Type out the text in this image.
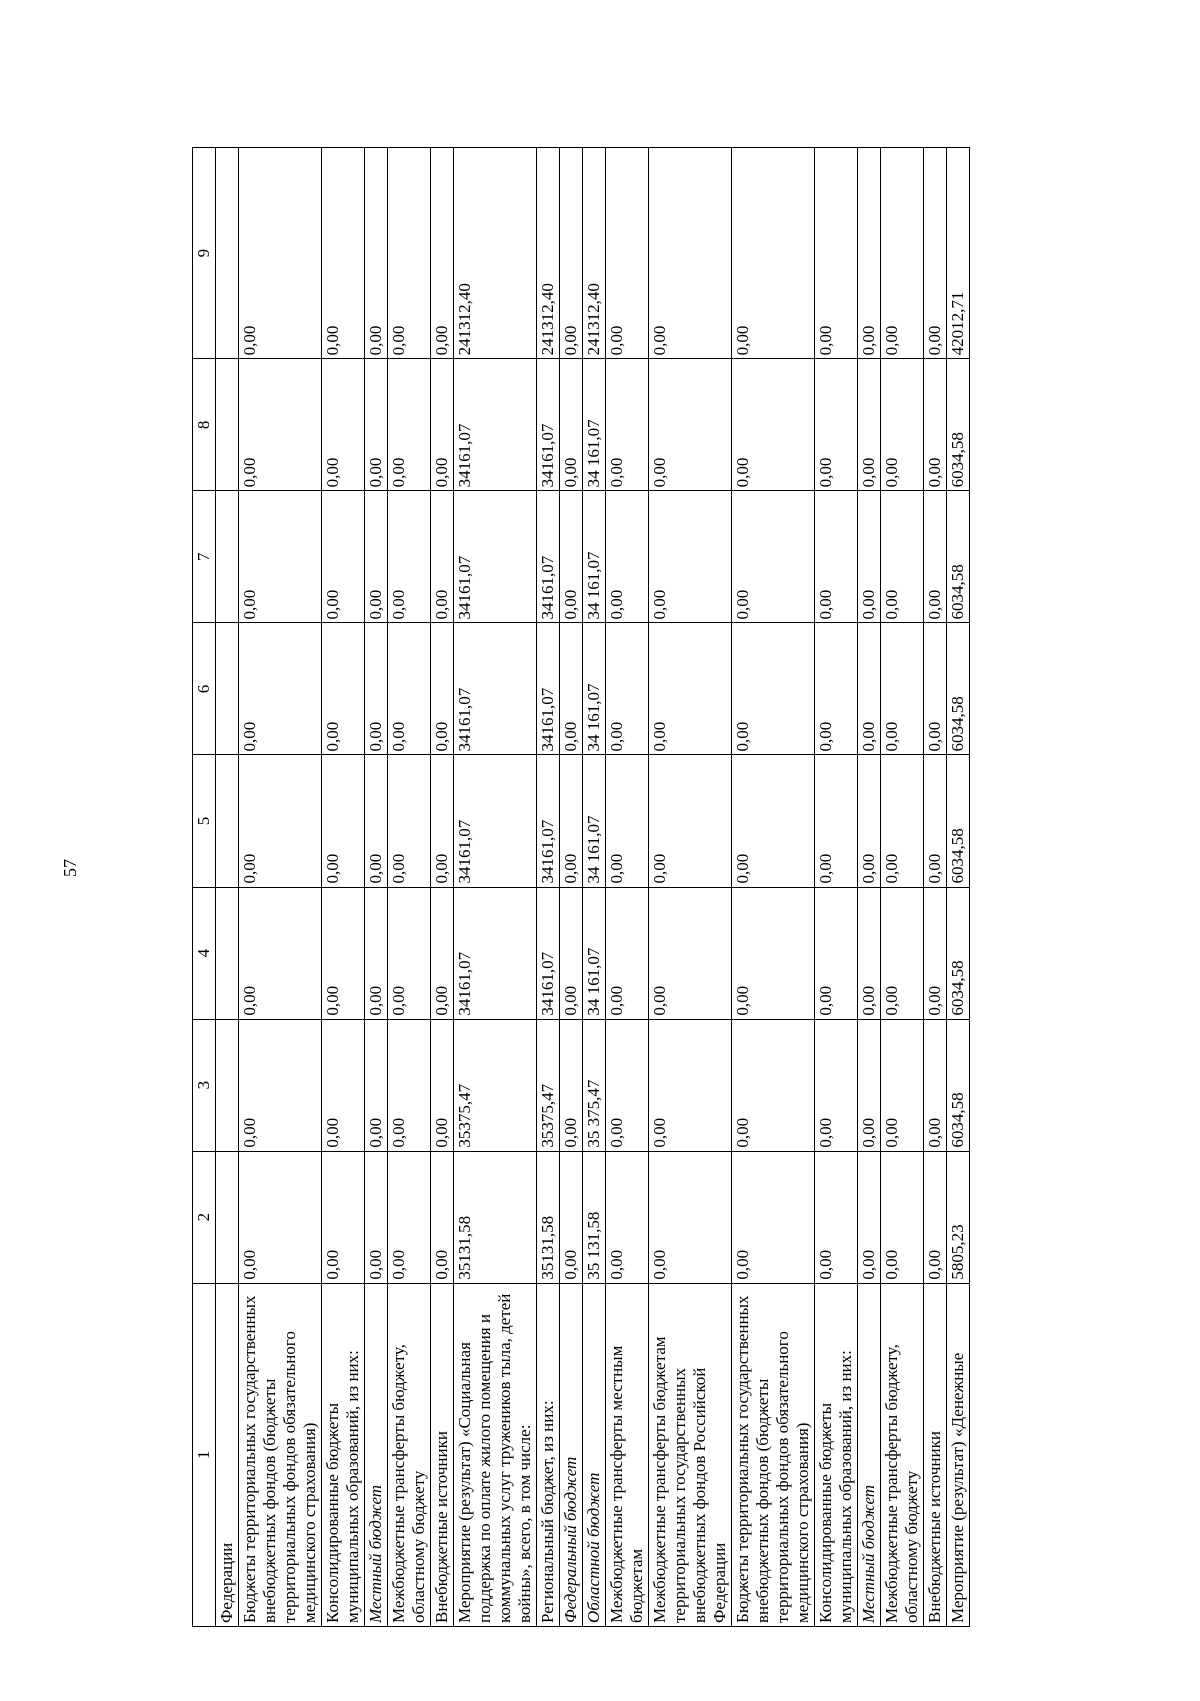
57
1	2	3	4	5	6	7	8	9
Федерации								
Бюджеты территориальных государственных внебюджетных фондов (бюджеты территориальных фондов обязательного медицинского страхования)	0,00	0,00	0,00	0,00	0,00	0,00	0,00	0,00
Консолидированные бюджеты муниципальных образований, из них:	0,00	0,00	0,00	0,00	0,00	0,00	0,00	0,00
Местный бюджет	0,00	0,00	0,00	0,00	0,00	0,00	0,00	0,00
Межбюджетные трансферты бюджету, областному бюджету	0,00	0,00	0,00	0,00	0,00	0,00	0,00	0,00
Внебюджетные источники	0,00	0,00	0,00	0,00	0,00	0,00	0,00	0,00
Мероприятие (результат) «Социальная поддержка по оплате жилого помещения и коммунальных услуг тружеников тыла, детей войны», всего, в том числе:	35131,58	35375,47	34161,07	34161,07	34161,07	34161,07	34161,07	241312,40
Региональный бюджет, из них:	35131,58	35375,47	34161,07	34161,07	34161,07	34161,07	34161,07	241312,40
Федеральный бюджет	0,00	0,00	0,00	0,00	0,00	0,00	0,00	0,00
Областной бюджет	35 131,58	35 375,47	34 161,07	34 161,07	34 161,07	34 161,07	34 161,07	241312,40
Межбюджетные трансферты местным бюджетам	0,00	0,00	0,00	0,00	0,00	0,00	0,00	0,00
Межбюджетные трансферты бюджетам территориальных государственных внебюджетных фондов Российской Федерации	0,00	0,00	0,00	0,00	0,00	0,00	0,00	0,00
Бюджеты территориальных государственных внебюджетных фондов (бюджеты территориальных фондов обязательного медицинского страхования)	0,00	0,00	0,00	0,00	0,00	0,00	0,00	0,00
Консолидированные бюджеты муниципальных образований, из них:	0,00	0,00	0,00	0,00	0,00	0,00	0,00	0,00
Местный бюджет	0,00	0,00	0,00	0,00	0,00	0,00	0,00	0,00
Межбюджетные трансферты бюджету, областному бюджету	0,00	0,00	0,00	0,00	0,00	0,00	0,00	0,00
Внебюджетные источники	0,00	0,00	0,00	0,00	0,00	0,00	0,00	0,00
Мероприятие (результат) «Денежные	5805,23	6034,58	6034,58	6034,58	6034,58	6034,58	6034,58	42012,71
